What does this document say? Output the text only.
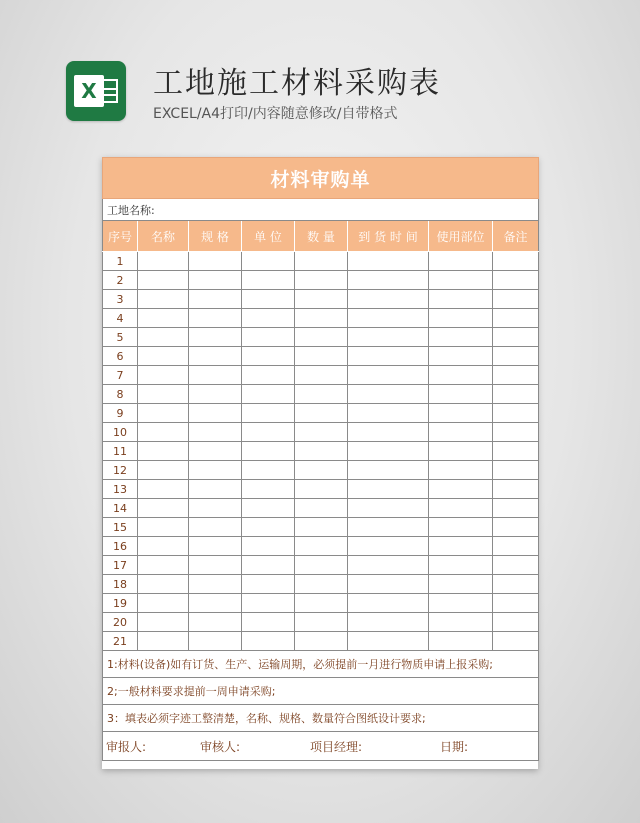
X 工地施工材料采购表
EXCEL/A4打印/内容随意修改/自带格式
材料审购单							
工地名称:							
序号	名称	规 格	单 位	数 量	到 货 时 间	使用部位	备注
1							
2							
3							
4							
5							
6							
7							
8							
9							
10							
11							
12							
13							
14							
15							
16							
17							
18							
19							
20							
21							
1:材料(设备)如有订货、生产、运输周期，必须提前一月进行物质申请上报采购;							
2;一般材料要求提前一周申请采购;							
3：填表必须字迹工整清楚，名称、规格、数量符合图纸设计要求;							

审报人: 审核人: 项目经理: 日期:							
